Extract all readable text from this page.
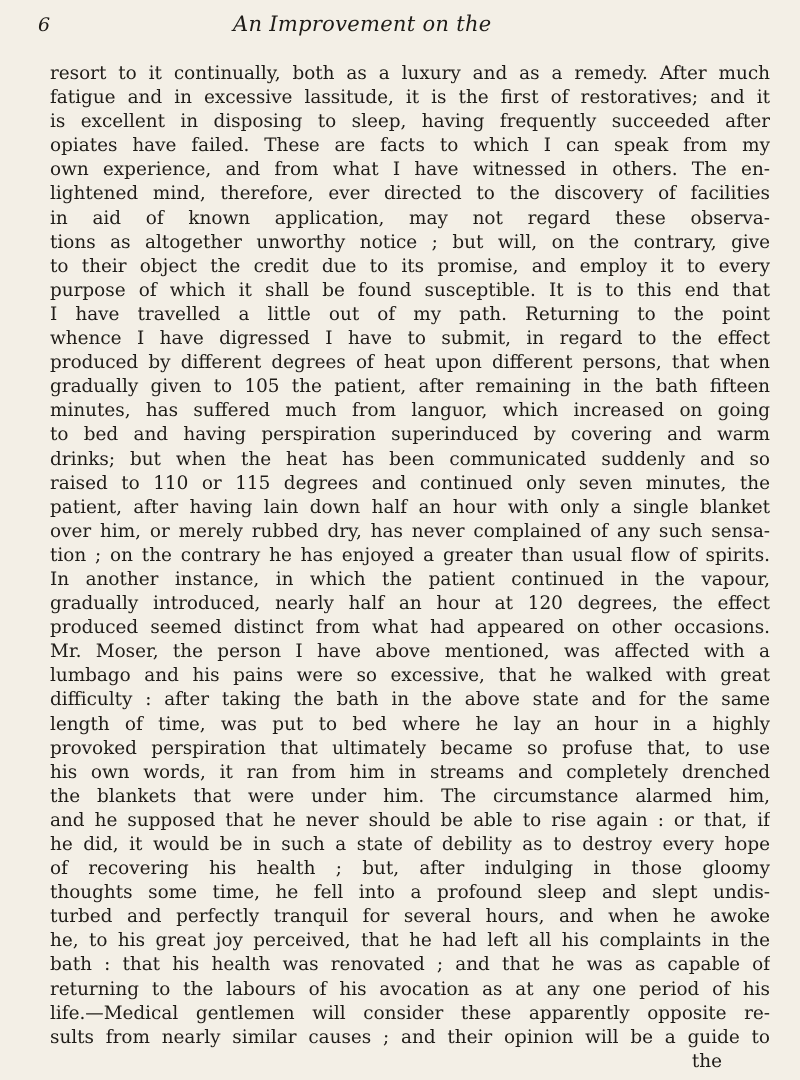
6	An Improvement on the
resort to it continually, both as a luxury and as a remedy. After much
fatigue and in excessive lassitude, it is the first of restoratives; and it
is excellent in disposing to sleep, having frequently succeeded after
opiates have failed. These are facts to which I can speak from my
own experience, and from what I have witnessed in others. The en-
lightened mind, therefore, ever directed to the discovery of facilities
in aid of known application, may not regard these observa-
tions as altogether unworthy notice ; but will, on the contrary, give
to their object the credit due to its promise, and employ it to every
purpose of which it shall be found susceptible. It is to this end that
I have travelled a little out of my path. Returning to the point
whence I have digressed I have to submit, in regard to the effect
produced by different degrees of heat upon different persons, that when
gradually given to 105 the patient, after remaining in the bath fifteen
minutes, has suffered much from languor, which increased on going
to bed and having perspiration superinduced by covering and warm
drinks; but when the heat has been communicated suddenly and so
raised to 110 or 115 degrees and continued only seven minutes, the
patient, after having lain down half an hour with only a single blanket
over him, or merely rubbed dry, has never complained of any such sensa-
tion ; on the contrary he has enjoyed a greater than usual flow of spirits.
In another instance, in which the patient continued in the vapour,
gradually introduced, nearly half an hour at 120 degrees, the effect
produced seemed distinct from what had appeared on other occasions.
Mr. Moser, the person I have above mentioned, was affected with a
lumbago and his pains were so excessive, that he walked with great
difficulty : after taking the bath in the above state and for the same
length of time, was put to bed where he lay an hour in a highly
provoked perspiration that ultimately became so profuse that, to use
his own words, it ran from him in streams and completely drenched
the blankets that were under him. The circumstance alarmed him,
and he supposed that he never should be able to rise again : or that, if
he did, it would be in such a state of debility as to destroy every hope
of recovering his health ; but, after indulging in those gloomy
thoughts some time, he fell into a profound sleep and slept undis-
turbed and perfectly tranquil for several hours, and when he awoke
he, to his great joy perceived, that he had left all his complaints in the
bath : that his health was renovated ; and that he was as capable of
returning to the labours of his avocation as at any one period of his
life.—Medical gentlemen will consider these apparently opposite re-
sults from nearly similar causes ; and their opinion will be a guide to
the
